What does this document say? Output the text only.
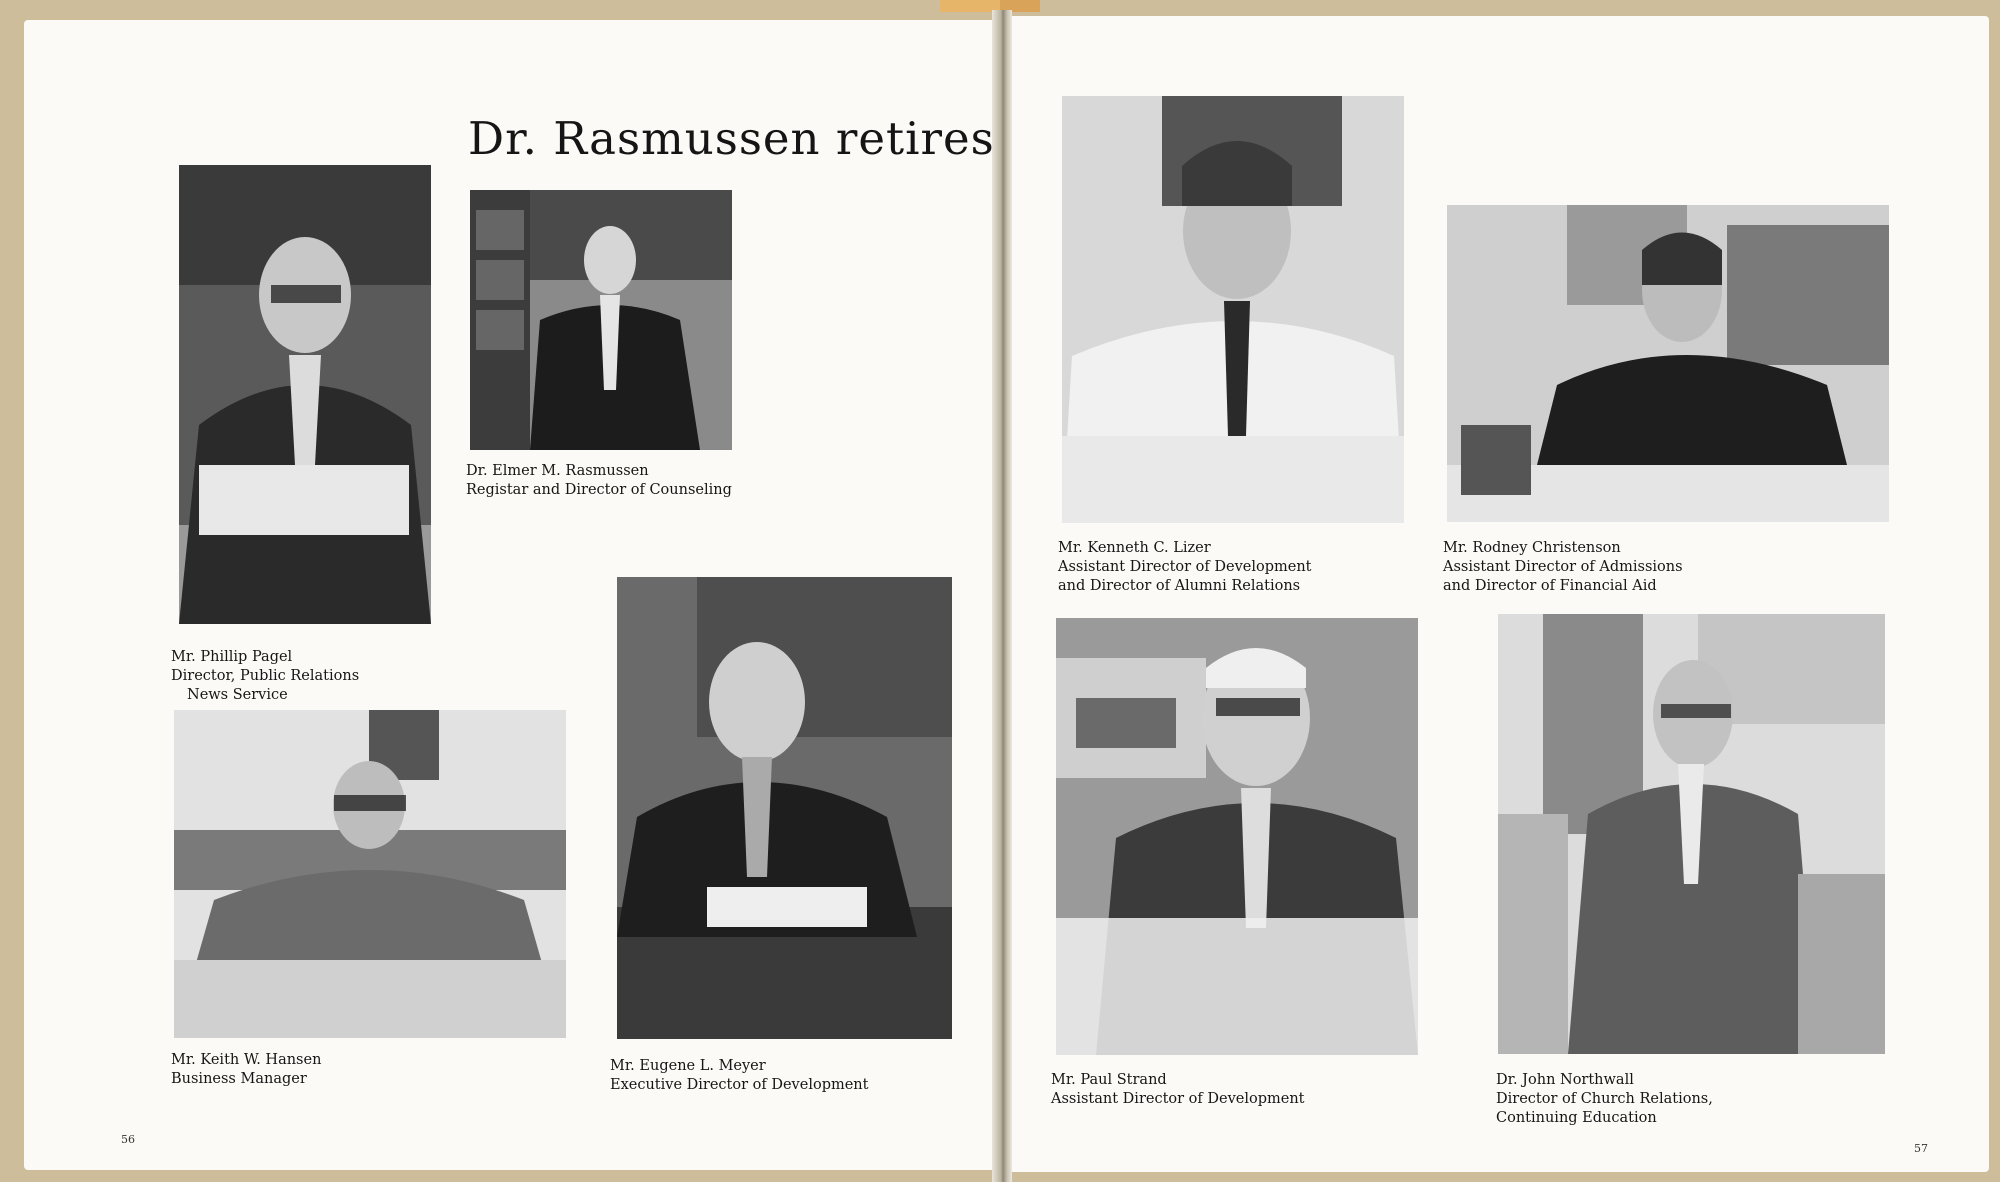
Dr. Rasmussen retires
Mr. Phillip Pagel
Director, Public Relations
News Service
Dr. Elmer M. Rasmussen
Registar and Director of Counseling
Mr. Keith W. Hansen
Business Manager
Mr. Eugene L. Meyer
Executive Director of Development
Mr. Kenneth C. Lizer
Assistant Director of Development
and Director of Alumni Relations
Mr. Rodney Christenson
Assistant Director of Admissions
and Director of Financial Aid
Mr. Paul Strand
Assistant Director of Development
Dr. John Northwall
Director of Church Relations,
Continuing Education
56
57
